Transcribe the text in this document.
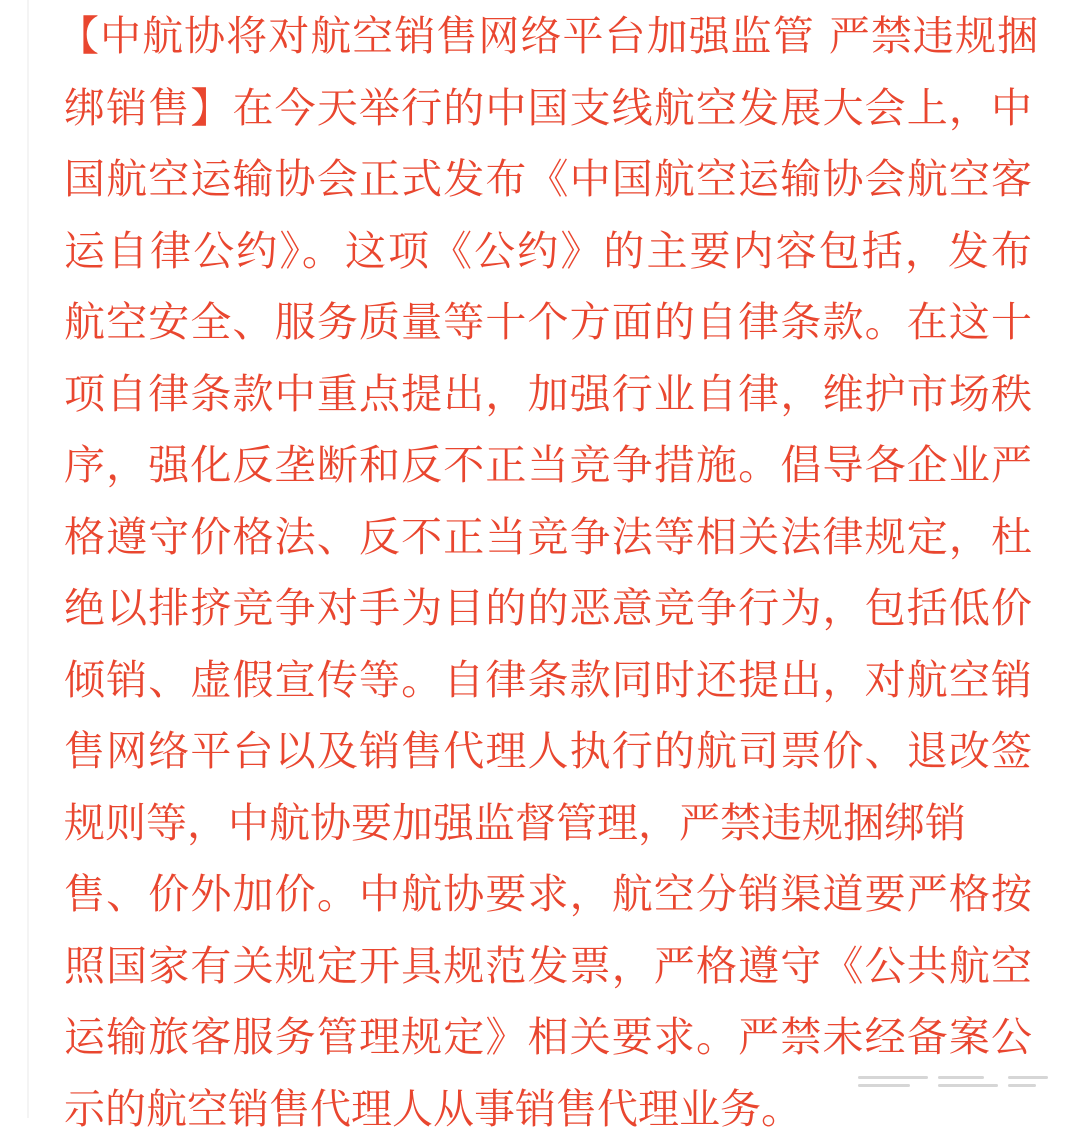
【中航协将对航空销售网络平台加强监管 严禁违规捆
绑销售】在今天举行的中国支线航空发展大会上，中
国航空运输协会正式发布《中国航空运输协会航空客
运自律公约》。这项《公约》的主要内容包括，发布
航空安全、服务质量等十个方面的自律条款。在这十
项自律条款中重点提出，加强行业自律，维护市场秩
序，强化反垄断和反不正当竞争措施。倡导各企业严
格遵守价格法、反不正当竞争法等相关法律规定，杜
绝以排挤竞争对手为目的的恶意竞争行为，包括低价
倾销、虚假宣传等。自律条款同时还提出，对航空销
售网络平台以及销售代理人执行的航司票价、退改签
规则等，中航协要加强监督管理，严禁违规捆绑销
售、价外加价。中航协要求，航空分销渠道要严格按
照国家有关规定开具规范发票，严格遵守《公共航空
运输旅客服务管理规定》相关要求。严禁未经备案公
示的航空销售代理人从事销售代理业务。
